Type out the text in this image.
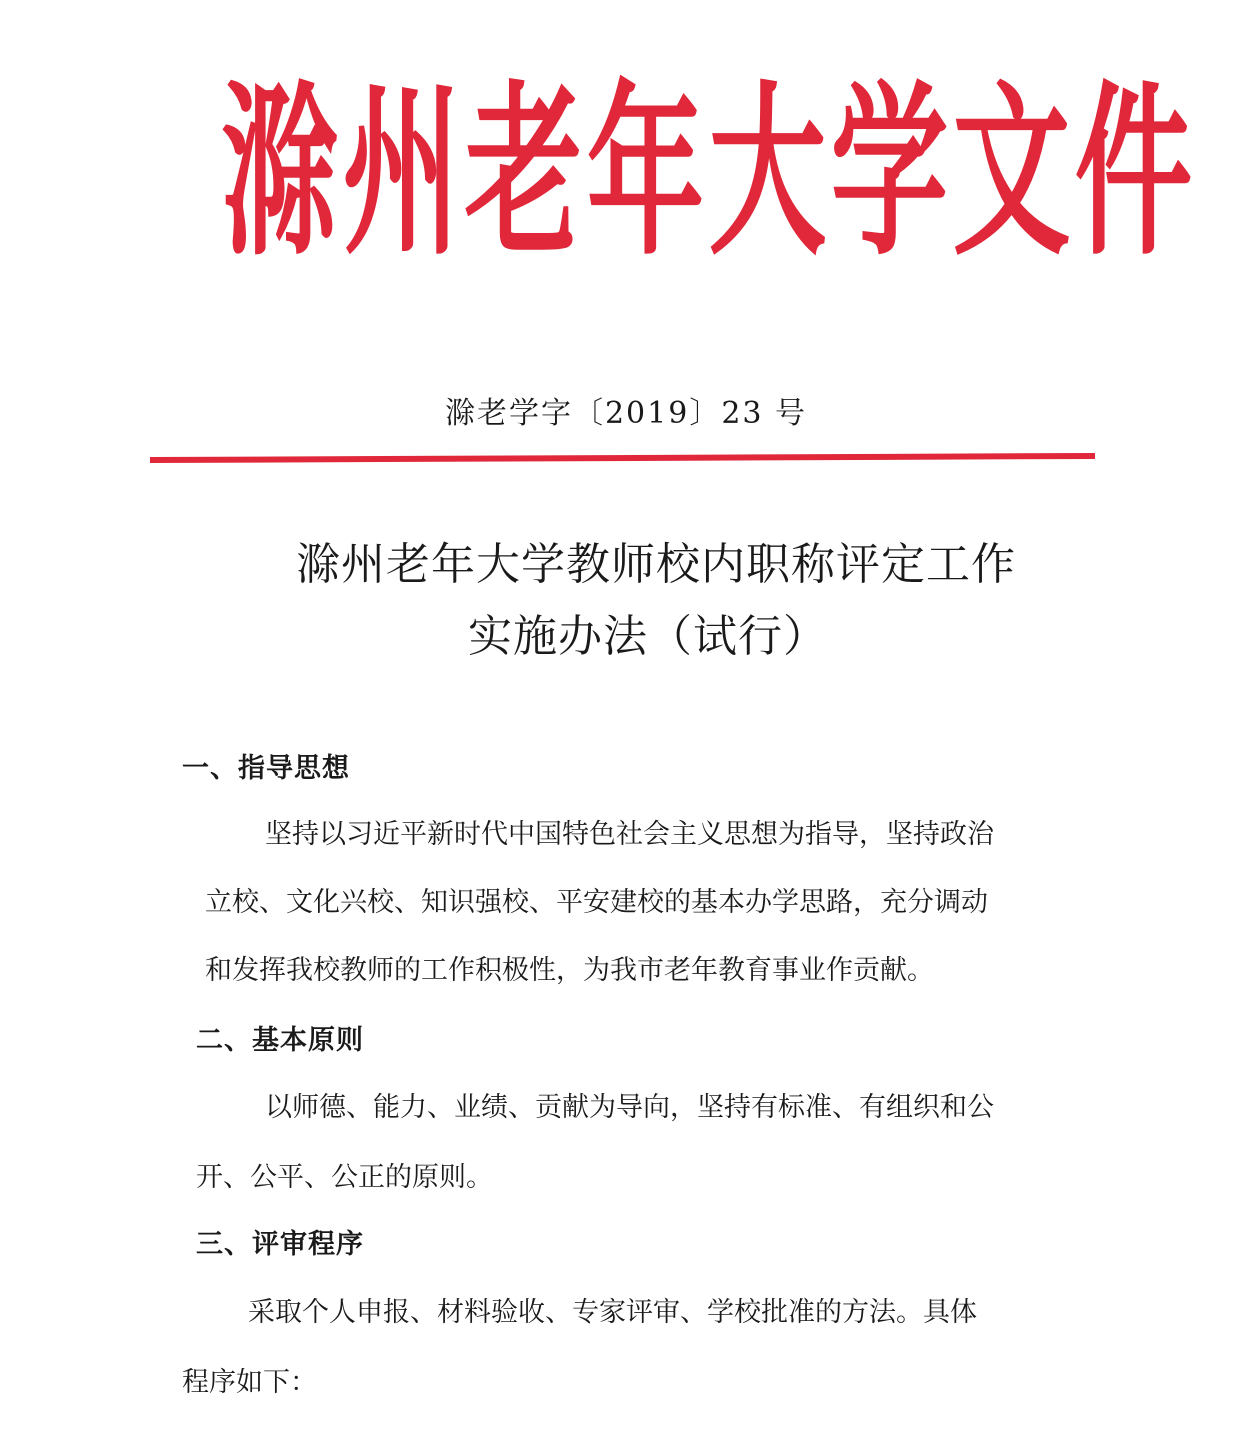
滁 州 老 年 大 学 文 件
滁老学字〔2019〕23 号
滁州老年大学教师校内职称评定工作
实施办法（试行）
一、指导思想
坚持以习近平新时代中国特色社会主义思想为指导，坚持政治
立校、文化兴校、知识强校、平安建校的基本办学思路，充分调动
和发挥我校教师的工作积极性，为我市老年教育事业作贡献。
二、基本原则
以师德、能力、业绩、贡献为导向，坚持有标准、有组织和公
开、公平、公正的原则。
三、评审程序
采取个人申报、材料验收、专家评审、学校批准的方法。具体
程序如下：
